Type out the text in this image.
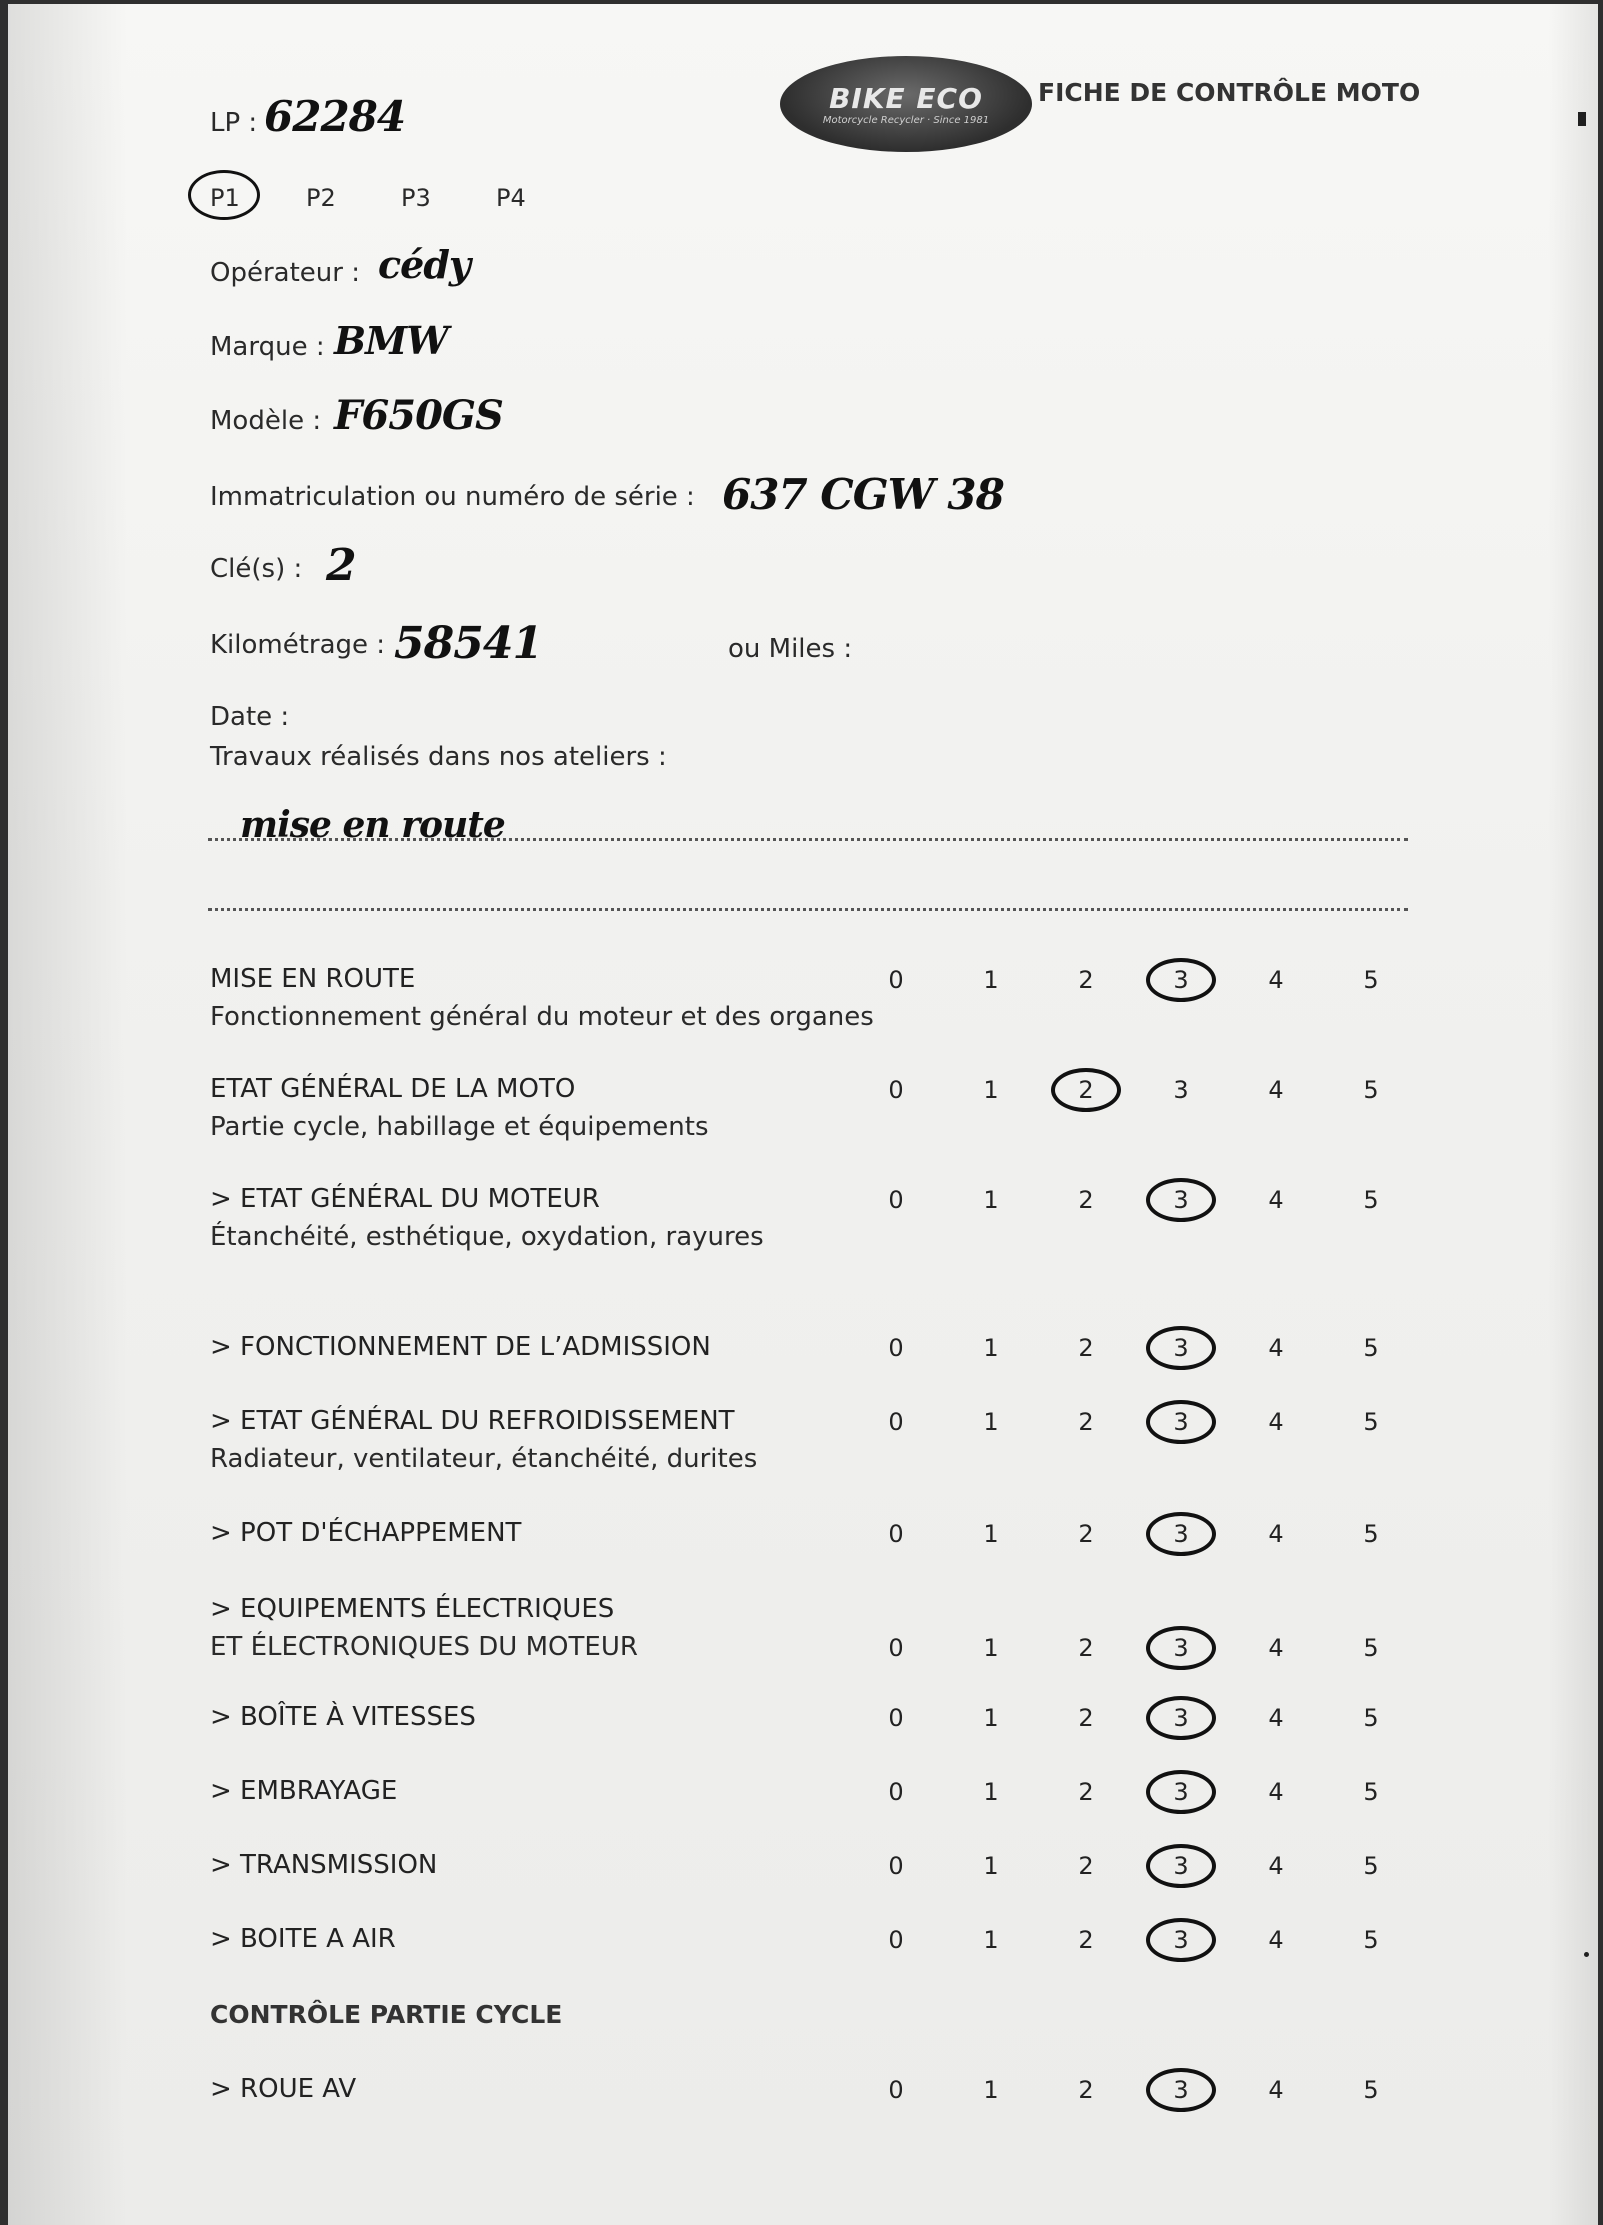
BIKE ECO
Motorcycle Recycler · Since 1981
FICHE DE CONTRÔLE MOTO
LP : 62284
P1	P2	P3	P4
Opérateur : cédy
Marque : BMW
Modèle : F650GS
Immatriculation ou numéro de série : 637 CGW 38
Clé(s) : 2
Kilométrage : 58541	ou Miles :
Date :
Travaux réalisés dans nos ateliers :
mise en route
MISE EN ROUTE
Fonctionnement général du moteur et des organes
0	1	2	3	4	5
ETAT GÉNÉRAL DE LA MOTO
Partie cycle, habillage et équipements
0	1	2	3	4	5
> ETAT GÉNÉRAL DU MOTEUR
Étanchéité, esthétique, oxydation, rayures
0	1	2	3	4	5
> FONCTIONNEMENT DE L’ADMISSION	0	1	2	3	4	5
> ETAT GÉNÉRAL DU REFROIDISSEMENT
Radiateur, ventilateur, étanchéité, durites
0	1	2	3	4	5
> POT D'ÉCHAPPEMENT	0	1	2	3	4	5
> EQUIPEMENTS ÉLECTRIQUES
ET ÉLECTRONIQUES DU MOTEUR	0	1	2	3	4	5
> BOÎTE À VITESSES	0	1	2	3	4	5
> EMBRAYAGE	0	1	2	3	4	5
> TRANSMISSION	0	1	2	3	4	5
> BOITE A AIR	0	1	2	3	4	5
> ROUE AV	0	1	2	3	4	5
CONTRÔLE PARTIE CYCLE
